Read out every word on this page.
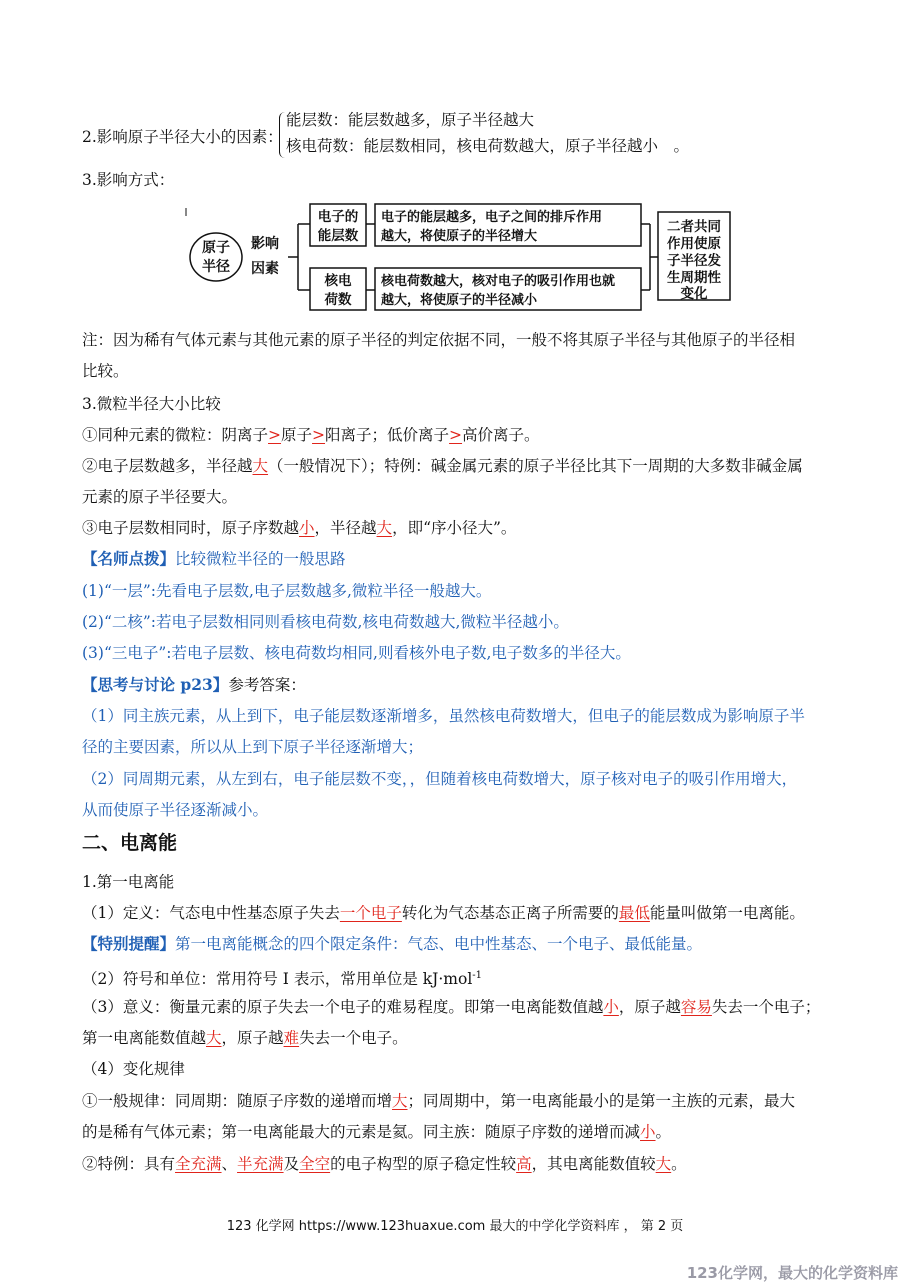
2.影响原子半径大小的因素：
能层数：能层数越多，原子半径越大
核电荷数：能层数相同，核电荷数越大，原子半径越小　。
3.影响方式：
原子
半径
影响
因素
电子的
能层数
电子的能层越多，电子之间的排斥作用
越大，将使原子的半径增大
核电
荷数
核电荷数越大，核对电子的吸引作用也就
越大，将使原子的半径减小
二者共同
作用使原
子半径发
生周期性
变化
注：因为稀有气体元素与其他元素的原子半径的判定依据不同，一般不将其原子半径与其他原子的半径相
比较。
3.微粒半径大小比较
①同种元素的微粒：阴离子>原子>阳离子；低价离子>高价离子。
②电子层数越多，半径越大（一般情况下）；特例：碱金属元素的原子半径比其下一周期的大多数非碱金属
元素的原子半径要大。
③电子层数相同时，原子序数越小，半径越大，即“序小径大”。
【名师点拨】比较微粒半径的一般思路
(1)“一层”:先看电子层数,电子层数越多,微粒半径一般越大。
(2)“二核”:若电子层数相同则看核电荷数,核电荷数越大,微粒半径越小。
(3)“三电子”:若电子层数、核电荷数均相同,则看核外电子数,电子数多的半径大。
【思考与讨论 p23】参考答案：
（1）同主族元素，从上到下，电子能层数逐渐增多，虽然核电荷数增大，但电子的能层数成为影响原子半
径的主要因素，所以从上到下原子半径逐渐增大；
（2）同周期元素，从左到右，电子能层数不变，，但随着核电荷数增大，原子核对电子的吸引作用增大，
从而使原子半径逐渐减小。
二、电离能
1.第一电离能
（1）定义：气态电中性基态原子失去一个电子转化为气态基态正离子所需要的最低能量叫做第一电离能。
【特别提醒】第一电离能概念的四个限定条件：气态、电中性基态、一个电子、最低能量。
（2）符号和单位：常用符号 I 表示，常用单位是 kJ·mol$^{-1}$
（3）意义：衡量元素的原子失去一个电子的难易程度。即第一电离能数值越小，原子越容易失去一个电子；
第一电离能数值越大，原子越难失去一个电子。
（4）变化规律
①一般规律：同周期：随原子序数的递增而增大；同周期中，第一电离能最小的是第一主族的元素，最大
的是稀有气体元素；第一电离能最大的元素是氦。同主族：随原子序数的递增而减小。
②特例：具有全充满、半充满及全空的电子构型的原子稳定性较高，其电离能数值较大。
123 化学网 https://www.123huaxue.com 最大的中学化学资料库 ， 第 2 页
123化学网，最大的化学资料库
